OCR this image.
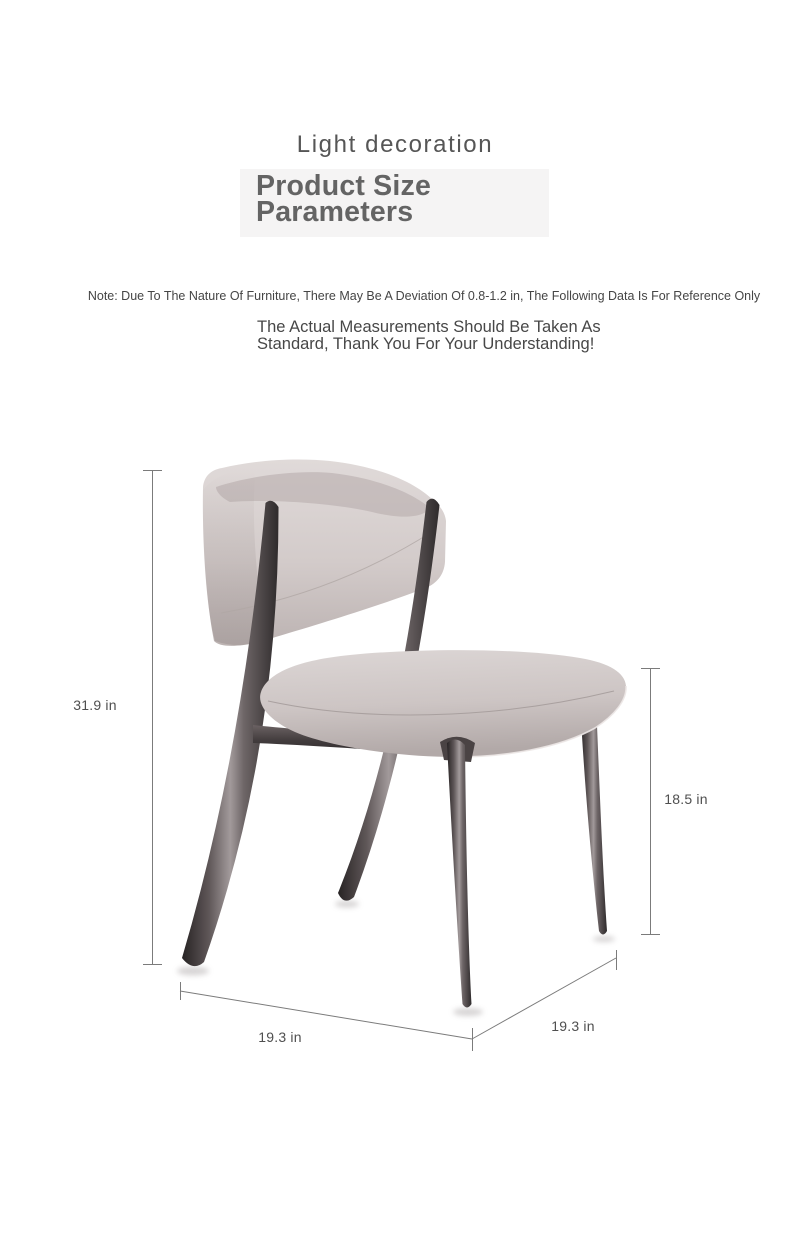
Light decoration
Product Size
Parameters
Note: Due To The Nature Of Furniture, There May Be A Deviation Of 0.8-1.2 in, The Following Data Is For Reference Only
The Actual Measurements Should Be Taken As
Standard, Thank You For Your Understanding!
31.9 in
18.5 in
19.3 in
19.3 in
